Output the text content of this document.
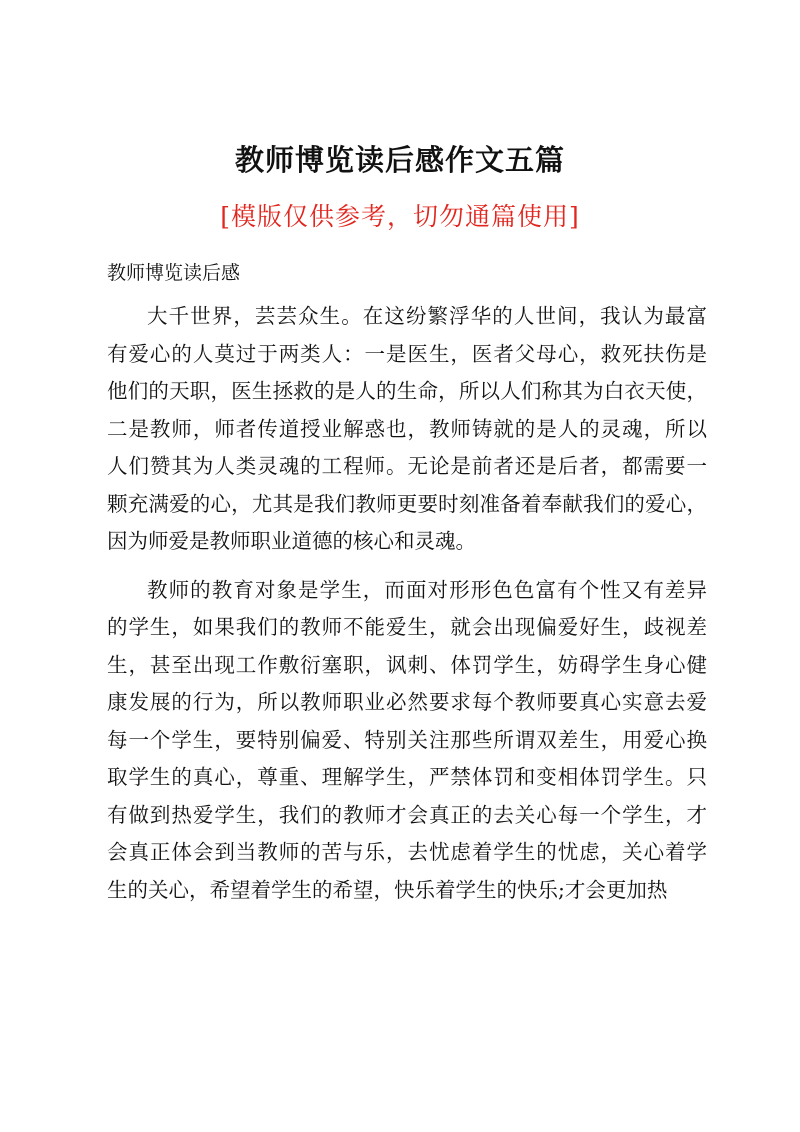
教师博览读后感作文五篇
[模版仅供参考，切勿通篇使用]
教师博览读后感
大千世界，芸芸众生。在这纷繁浮华的人世间，我认为最富
有爱心的人莫过于两类人：一是医生，医者父母心，救死扶伤是
他们的天职，医生拯救的是人的生命，所以人们称其为白衣天使，
二是教师，师者传道授业解惑也，教师铸就的是人的灵魂，所以
人们赞其为人类灵魂的工程师。无论是前者还是后者，都需要一
颗充满爱的心，尤其是我们教师更要时刻准备着奉献我们的爱心，
因为师爱是教师职业道德的核心和灵魂。
教师的教育对象是学生，而面对形形色色富有个性又有差异
的学生，如果我们的教师不能爱生，就会出现偏爱好生，歧视差
生，甚至出现工作敷衍塞职，讽刺、体罚学生，妨碍学生身心健
康发展的行为，所以教师职业必然要求每个教师要真心实意去爱
每一个学生，要特别偏爱、特别关注那些所谓双差生，用爱心换
取学生的真心，尊重、理解学生，严禁体罚和变相体罚学生。只
有做到热爱学生，我们的教师才会真正的去关心每一个学生，才
会真正体会到当教师的苦与乐，去忧虑着学生的忧虑，关心着学
生的关心，希望着学生的希望，快乐着学生的快乐;才会更加热
